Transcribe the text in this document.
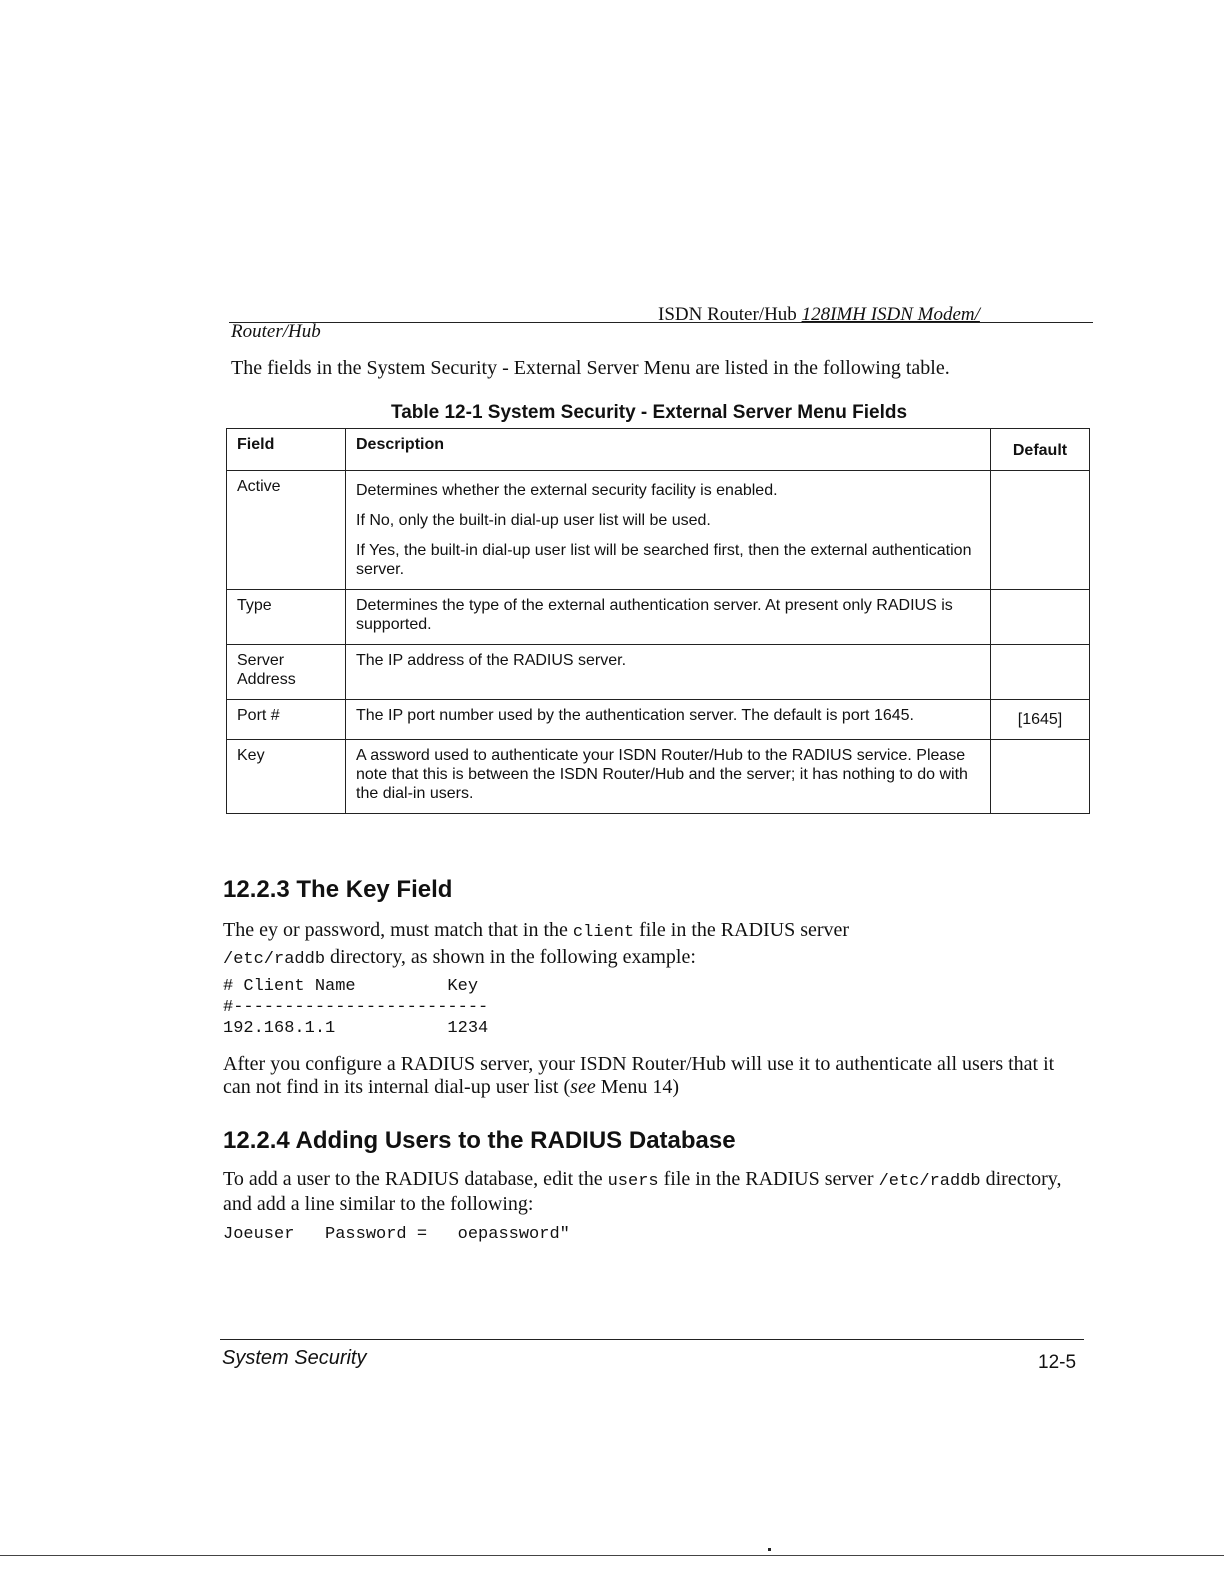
ISDN Router/Hub 128IMH ISDN Modem/
Router/Hub
The fields in the System Security - External Server Menu are listed in the following table.
Table 12-1 System Security - External Server Menu Fields
Field	Description	Default
Active	Determines whether the external security facility is enabled.

If No, only the built-in dial-up user list will be used.

If Yes, the built-in dial-up user list will be searched first, then the external authentication server.	

Type	Determines the type of the external authentication server. At present only RADIUS is supported.	

Server Address	The IP address of the RADIUS server.	

Port #	The IP port number used by the authentication server. The default is port 1645.	[1645]
Key	A assword used to authenticate your ISDN Router/Hub to the RADIUS service. Please note that this is between the ISDN Router/Hub and the server; it has nothing to do with the dial-in users.	

12.2.3 The Key Field
The ey or password, must match that in the client file in the RADIUS server
/etc/raddb directory, as shown in the following example:
# Client Name         Key
#-------------------------
192.168.1.1           1234
After you configure a RADIUS server, your ISDN Router/Hub will use it to authenticate all users that it can not find in its internal dial-up user list (see Menu 14)
12.2.4 Adding Users to the RADIUS Database
To add a user to the RADIUS database, edit the users file in the RADIUS server /etc/raddb directory, and add a line similar to the following:
Joeuser   Password =   oepassword"
System Security	12-5
